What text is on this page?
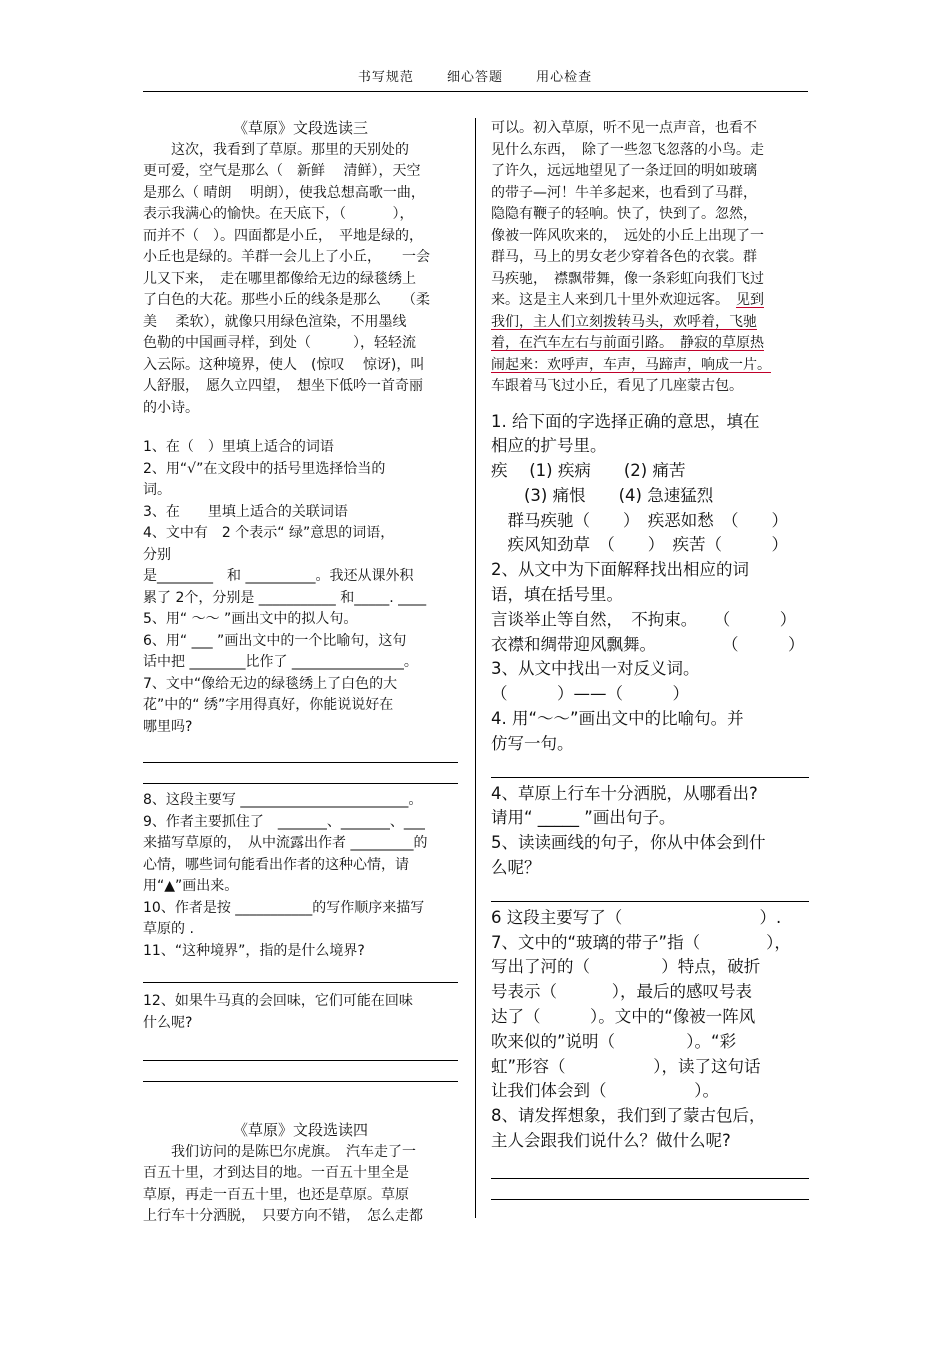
书写规范	细心答题	用心检查
《草原》文段选读三
　　这次，我看到了草原。那里的天别处的
更可爱，空气是那么（　新鲜　 清鲜），天空
是那么（ 晴朗　 明朗），使我总想高歌一曲，
表示我满心的愉快。在天底下，（　　　 ），
而并不（　）。四面都是小丘，　平地是绿的，
小丘也是绿的。羊群一会儿上了小丘，　　一会
儿又下来，　走在哪里都像给无边的绿毯绣上
了白色的大花。那些小丘的线条是那么　　（柔
美　 柔软），就像只用绿色渲染，不用墨线
色勒的中国画寻样，到处（　　　），轻轻流
入云际。这种境界，使人　(惊叹　 惊讶)，叫
人舒服，　愿久立四望，　想坐下低吟一首奇丽
的小诗。
1、在（　）里填上适合的词语
2、用“√”在文段中的括号里选择恰当的
词。
3、在　　里填上适合的关联词语
4、文中有　2 个表示“ 绿”意思的词语，
分别
是________　和 __________。我还从课外积
累了 2个，分别是 ___________ 和_____. ____
5、用“ ～～ ”画出文中的拟人句。
6、用“ ___ ”画出文中的一个比喻句，这句
话中把 ________比作了 ________________。
7、文中“像给无边的绿毯绣上了白色的大
花”中的“ 绣”字用得真好，你能说说好在
哪里吗?
8、这段主要写 ________________________。
9、作者主要抓住了　_______、_______、___
来描写草原的，　从中流露出作者 _________的
心情，哪些词句能看出作者的这种心情，请
用“▲”画出来。
10、作者是按 ___________的写作顺序来描写
草原的 .
11、“这种境界”，指的是什么境界?
12、如果牛马真的会回味，它们可能在回味
什么呢?
《草原》文段选读四
　　我们访问的是陈巴尔虎旗。　汽车走了一
百五十里，才到达目的地。一百五十里全是
草原，再走一百五十里，也还是草原。草原
上行车十分洒脱，　只要方向不错，　怎么走都
可以。初入草原，听不见一点声音，也看不
见什么东西，　除了一些忽飞忽落的小鸟。走
了许久，远远地望见了一条迂回的明如玻璃
的带子—河！牛羊多起来，也看到了马群，
隐隐有鞭子的轻响。快了，快到了。忽然，
像被一阵风吹来的，　远处的小丘上出现了一
群马，马上的男女老少穿着各色的衣裳。群
马疾驰，　襟飘带舞，像一条彩虹向我们飞过
来。这是主人来到几十里外欢迎远客。　见到
我们，主人们立刻拨转马头，欢呼着，飞驰
着，在汽车左右与前面引路。　静寂的草原热
闹起来：欢呼声，车声，马蹄声，响成一片。
车跟着马飞过小丘，看见了几座蒙古包。
1. 给下面的字选择正确的意思，填在
相应的扩号里。
疾　 (1) 疾病　　(2) 痛苦
　　(3) 痛恨　　(4) 急速猛烈
　群马疾驰（　　）　疾恶如愁　（　　）
　疾风知劲草　（　　）　疾苦（　　　）
2、从文中为下面解释找出相应的词
语，填在括号里。
言谈举止等自然，　不拘束。　　（　　　）
衣襟和绸带迎风飘舞。　　　　　（　　　）
3、从文中找出一对反义词。
（　　　）——（　　　）
4. 用“～～”画出文中的比喻句。并
仿写一句。
4、草原上行车十分洒脱，从哪看出?
请用“ _____ ”画出句子。
5、读读画线的句子，你从中体会到什
么呢？
6 这段主要写了（　　　　　　　　 ）.
7、文中的“玻璃的带子”指（　　　　），
写出了河的（　　　　 ）特点，破折
号表示（　　　 ），最后的感叹号表
达了（　　　）。文中的“像被一阵风
吹来似的”说明（　　　　 ）。“彩
虹”形容（　　　　　 ），读了这句话
让我们体会到（　　　　　 ）。
8、请发挥想象，我们到了蒙古包后，
主人会跟我们说什么？做什么呢?
